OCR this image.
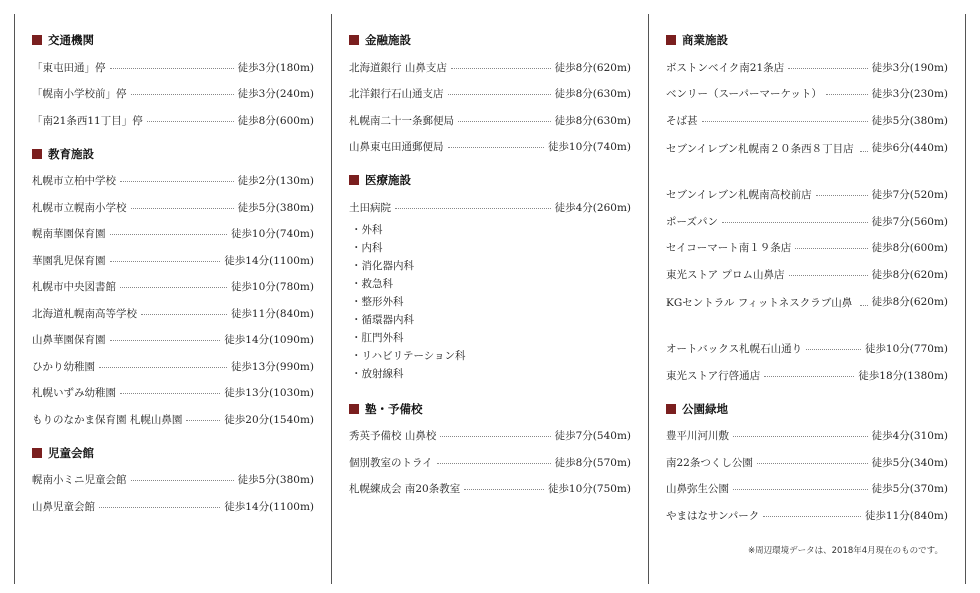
交通機関
「東屯田通」停	徒歩3分(180m)
「幌南小学校前」停	徒歩3分(240m)
「南21条西11丁目」停	徒歩8分(600m)
教育施設
札幌市立柏中学校	徒歩2分(130m)
札幌市立幌南小学校	徒歩5分(380m)
幌南華園保育園	徒歩10分(740m)
華園乳児保育園	徒歩14分(1100m)
札幌市中央図書館	徒歩10分(780m)
北海道札幌南高等学校	徒歩11分(840m)
山鼻華園保育園	徒歩14分(1090m)
ひかり幼稚園	徒歩13分(990m)
札幌いずみ幼稚園	徒歩13分(1030m)
もりのなかま保育園 札幌山鼻園	徒歩20分(1540m)
児童会館
幌南小ミニ児童会館	徒歩5分(380m)
山鼻児童会館	徒歩14分(1100m)
金融施設
北海道銀行 山鼻支店	徒歩8分(620m)
北洋銀行石山通支店	徒歩8分(630m)
札幌南二十一条郵便局	徒歩8分(630m)
山鼻東屯田通郵便局	徒歩10分(740m)
医療施設
土田病院	徒歩4分(260m)
・外科
・内科
・消化器内科
・救急科
・整形外科
・循環器内科
・肛門外科
・リハビリテーション科
・放射線科
塾・予備校
秀英予備校 山鼻校	徒歩7分(540m)
個別教室のトライ	徒歩8分(570m)
札幌練成会 南20条教室	徒歩10分(750m)
商業施設
ボストンベイク南21条店	徒歩3分(190m)
ベンリー（スーパーマーケット）	徒歩3分(230m)
そば甚	徒歩5分(380m)
セブンイレブン札幌南２０条西８丁目店 徒歩6分(440m)
セブンイレブン札幌南高校前店	徒歩7分(520m)
ポーズパン	徒歩7分(560m)
セイコーマート南１９条店	徒歩8分(600m)
東光ストア プロム山鼻店	徒歩8分(620m)
KGセントラル フィットネスクラブ山鼻	徒歩8分(620m)
オートバックス札幌石山通り	徒歩10分(770m)
東光ストア行啓通店	徒歩18分(1380m)
公園緑地
豊平川河川敷	徒歩4分(310m)
南22条つくし公園	徒歩5分(340m)
山鼻弥生公園	徒歩5分(370m)
やまはなサンパーク	徒歩11分(840m)
※周辺環境データは、2018年4月現在のものです。
